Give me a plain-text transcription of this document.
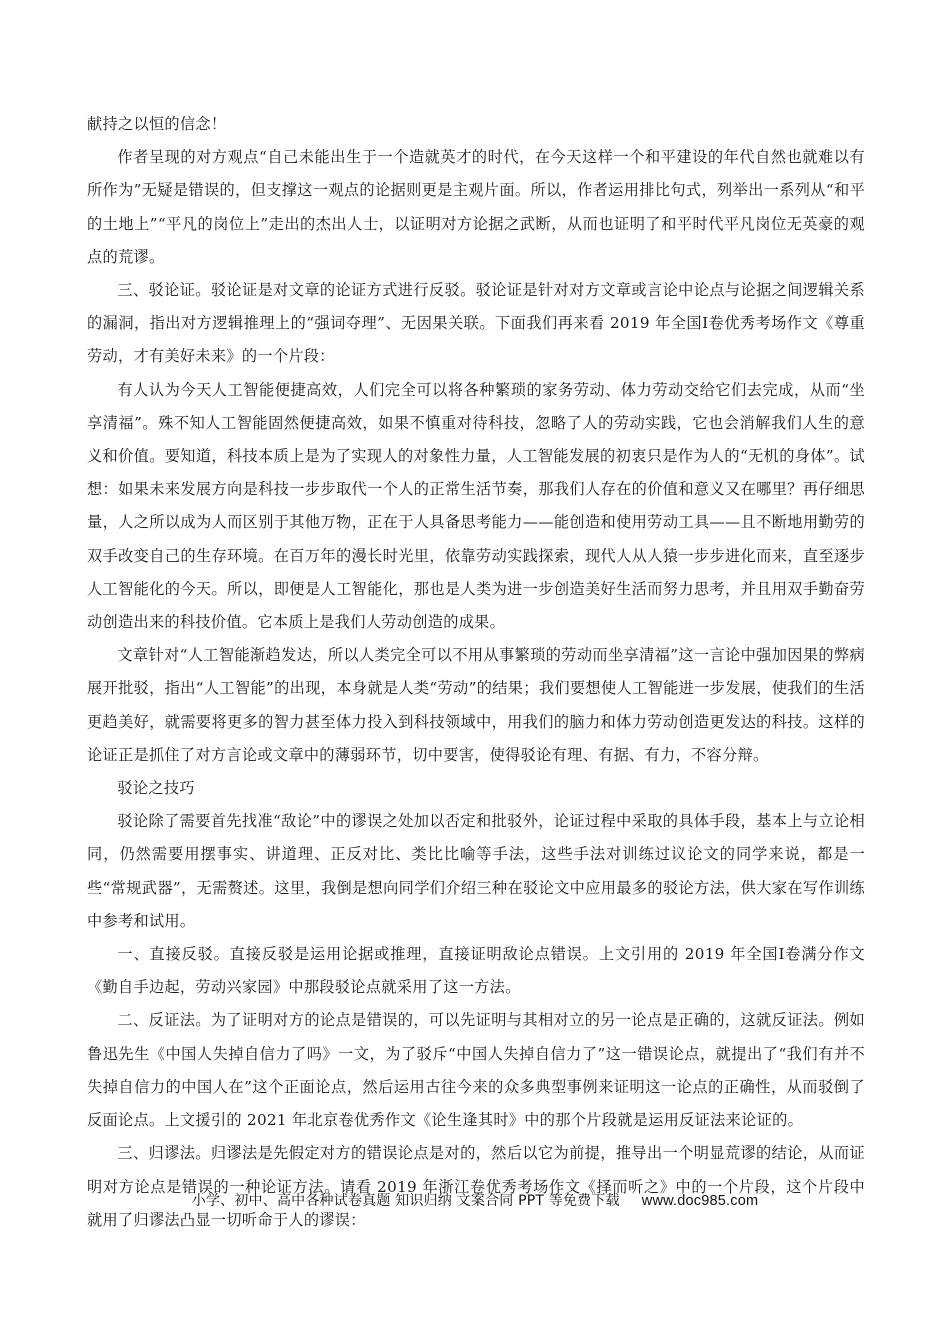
献持之以恒的信念！

作者呈现的对方观点“自己未能出生于一个造就英才的时代，在今天这样一个和平建设的年代自然也就难以有所作为”无疑是错误的，但支撑这一观点的论据则更是主观片面。所以，作者运用排比句式，列举出一系列从“和平的土地上”“平凡的岗位上”走出的杰出人士，以证明对方论据之武断，从而也证明了和平时代平凡岗位无英豪的观点的荒谬。

三、驳论证。驳论证是对文章的论证方式进行反驳。驳论证是针对对方文章或言论中论点与论据之间逻辑关系的漏洞，指出对方逻辑推理上的“强词夺理”、无因果关联。下面我们再来看 2019 年全国Ⅰ卷优秀考场作文《尊重劳动，才有美好未来》的一个片段：

有人认为今天人工智能便捷高效，人们完全可以将各种繁琐的家务劳动、体力劳动交给它们去完成，从而“坐享清福”。殊不知人工智能固然便捷高效，如果不慎重对待科技，忽略了人的劳动实践，它也会消解我们人生的意义和价值。要知道，科技本质上是为了实现人的对象性力量，人工智能发展的初衷只是作为人的“无机的身体”。试想：如果未来发展方向是科技一步步取代一个人的正常生活节奏，那我们人存在的价值和意义又在哪里？再仔细思量，人之所以成为人而区别于其他万物，正在于人具备思考能力——能创造和使用劳动工具——且不断地用勤劳的双手改变自己的生存环境。在百万年的漫长时光里，依靠劳动实践探索，现代人从人猿一步步进化而来，直至逐步人工智能化的今天。所以，即便是人工智能化，那也是人类为进一步创造美好生活而努力思考，并且用双手勤奋劳动创造出来的科技价值。它本质上是我们人劳动创造的成果。

文章针对“人工智能渐趋发达，所以人类完全可以不用从事繁琐的劳动而坐享清福”这一言论中强加因果的弊病展开批驳，指出“人工智能”的出现，本身就是人类“劳动”的结果；我们要想使人工智能进一步发展，使我们的生活更趋美好，就需要将更多的智力甚至体力投入到科技领域中，用我们的脑力和体力劳动创造更发达的科技。这样的论证正是抓住了对方言论或文章中的薄弱环节，切中要害，使得驳论有理、有据、有力，不容分辩。

驳论之技巧

驳论除了需要首先找准“敌论”中的谬误之处加以否定和批驳外，论证过程中采取的具体手段，基本上与立论相同，仍然需要用摆事实、讲道理、正反对比、类比比喻等手法，这些手法对训练过议论文的同学来说，都是一些“常规武器”，无需赘述。这里，我倒是想向同学们介绍三种在驳论文中应用最多的驳论方法，供大家在写作训练中参考和试用。

一、直接反驳。直接反驳是运用论据或推理，直接证明敌论点错误。上文引用的 2019 年全国Ⅰ卷满分作文《勤自手边起，劳动兴家园》中那段驳论点就采用了这一方法。

二、反证法。为了证明对方的论点是错误的，可以先证明与其相对立的另一论点是正确的，这就反证法。例如鲁迅先生《中国人失掉自信力了吗》一文，为了驳斥“中国人失掉自信力了”这一错误论点，就提出了“我们有并不失掉自信力的中国人在”这个正面论点，然后运用古往今来的众多典型事例来证明这一论点的正确性，从而驳倒了反面论点。上文援引的 2021 年北京卷优秀作文《论生逢其时》中的那个片段就是运用反证法来论证的。

三、归谬法。归谬法是先假定对方的错误论点是对的，然后以它为前提，推导出一个明显荒谬的结论，从而证明对方论点是错误的一种论证方法。请看 2019 年浙江卷优秀考场作文《择而听之》中的一个片段，这个片段中就用了归谬法凸显一切听命于人的谬误：

小学、初中、高中各种试卷真题 知识归纳 文案合同 PPT 等免费下载 www.doc985.com
